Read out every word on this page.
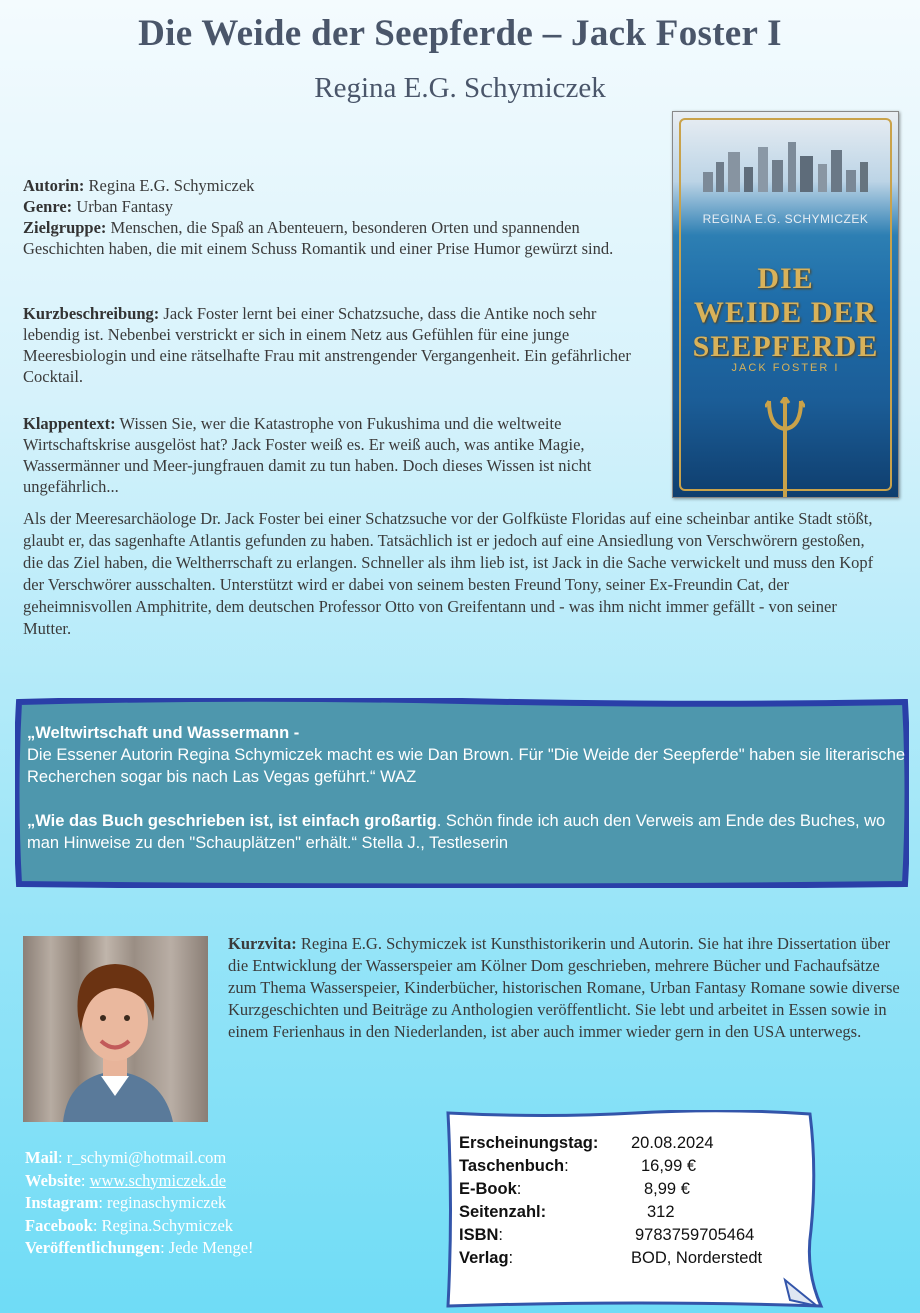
Die Weide der Seepferde – Jack Foster I
Regina E.G. Schymiczek
Autorin: Regina E.G. Schymiczek
Genre: Urban Fantasy
Zielgruppe: Menschen, die Spaß an Abenteuern, besonderen Orten und spannenden Geschichten haben, die mit einem Schuss Romantik und einer Prise Humor gewürzt sind.
Kurzbeschreibung: Jack Foster lernt bei einer Schatzsuche, dass die Antike noch sehr lebendig ist. Nebenbei verstrickt er sich in einem Netz aus Gefühlen für eine junge Meeresbiologin und eine rätselhafte Frau mit anstrengender Vergangenheit. Ein gefährlicher Cocktail.
Klappentext: Wissen Sie, wer die Katastrophe von Fukushima und die weltweite Wirtschaftskrise ausgelöst hat? Jack Foster weiß es. Er weiß auch, was antike Magie, Wassermänner und Meer-jungfrauen damit zu tun haben. Doch dieses Wissen ist nicht ungefährlich...
Als der Meeresarchäologe Dr. Jack Foster bei einer Schatzsuche vor der Golfküste Floridas auf eine scheinbar antike Stadt stößt, glaubt er, das sagenhafte Atlantis gefunden zu haben. Tatsächlich ist er jedoch auf eine Ansiedlung von Verschwörern gestoßen, die das Ziel haben, die Weltherrschaft zu erlangen. Schneller als ihm lieb ist, ist Jack in die Sache verwickelt und muss den Kopf der Verschwörer ausschalten. Unterstützt wird er dabei von seinem besten Freund Tony, seiner Ex-Freundin Cat, der geheimnisvollen Amphitrite, dem deutschen Professor Otto von Greifentann und - was ihm nicht immer gefällt - von seiner Mutter.
REGINA E.G. SCHYMICZEK
DIE
WEIDE DER
SEEPFERDE
JACK FOSTER I
„Weltwirtschaft und Wassermann -
Die Essener Autorin Regina Schymiczek macht es wie Dan Brown. Für "Die Weide der Seepferde" haben sie literarische Recherchen sogar bis nach Las Vegas geführt.“ WAZ
„Wie das Buch geschrieben ist, ist einfach großartig. Schön finde ich auch den Verweis am Ende des Buches, wo man Hinweise zu den "Schauplätzen" erhält.“ Stella J., Testleserin
Kurzvita: Regina E.G. Schymiczek ist Kunsthistorikerin und Autorin. Sie hat ihre Dissertation über die Entwicklung der Wasserspeier am Kölner Dom geschrieben, mehrere Bücher und Fachaufsätze zum Thema Wasserspeier, Kinderbücher, historischen Romane, Urban Fantasy Romane sowie diverse Kurzgeschichten und Beiträge zu Anthologien veröffentlicht. Sie lebt und arbeitet in Essen sowie in einem Ferienhaus in den Niederlanden, ist aber auch immer wieder gern in den USA unterwegs.
Mail: r_schymi@hotmail.com
Website: www.schymiczek.de
Instagram: reginaschymiczek
Facebook: Regina.Schymiczek
Veröffentlichungen: Jede Menge!
Erscheinungstag: 20.08.2024
Taschenbuch:	16,99 €
E-Book:	8,99 €
Seitenzahl:	312
ISBN:	9783759705464
Verlag:	BOD, Norderstedt
